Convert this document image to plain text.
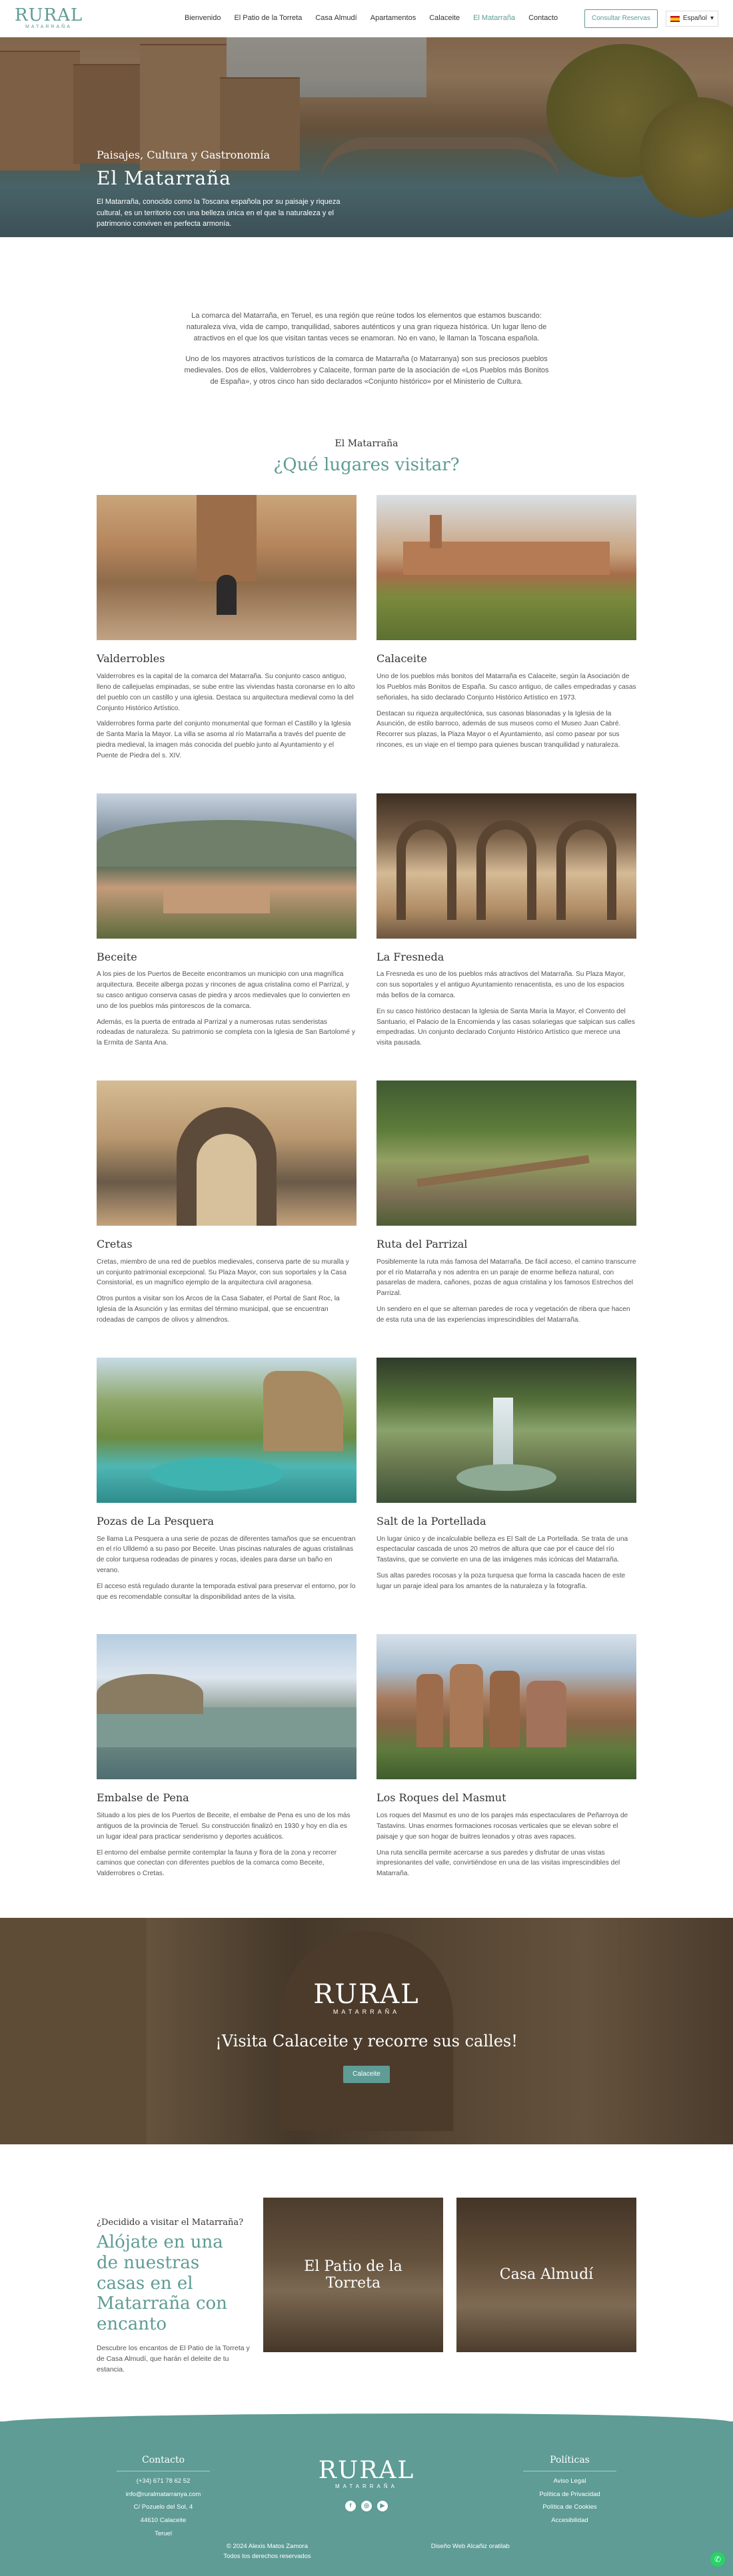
RURAL
MATARRAÑA
Bienvenido El Patio de la Torreta Casa Almudí Apartamentos Calaceite El Matarraña Contacto	Consultar Reservas	Español ▾
Paisajes, Cultura y Gastronomía
El Matarraña

El Matarraña, conocido como la Toscana española por su paisaje y riqueza cultural, es un territorio con una belleza única en el que la naturaleza y el patrimonio conviven en perfecta armonía.

La comarca del Matarraña, en Teruel, es una región que reúne todos los elementos que estamos buscando: naturaleza viva, vida de campo, tranquilidad, sabores auténticos y una gran riqueza histórica. Un lugar lleno de atractivos en el que los que visitan tantas veces se enamoran. No en vano, le llaman la Toscana española.

Uno de los mayores atractivos turísticos de la comarca de Matarraña (o Matarranya) son sus preciosos pueblos medievales. Dos de ellos, Valderrobres y Calaceite, forman parte de la asociación de «Los Pueblos más Bonitos de España», y otros cinco han sido declarados «Conjunto histórico» por el Ministerio de Cultura.

El Matarraña
¿Qué lugares visitar?
Valderrobles

Valderrobres es la capital de la comarca del Matarraña. Su conjunto casco antiguo, lleno de callejuelas empinadas, se sube entre las viviendas hasta coronarse en lo alto del pueblo con un castillo y una iglesia. Destaca su arquitectura medieval como la del Conjunto Histórico Artístico.

Valderrobres forma parte del conjunto monumental que forman el Castillo y la Iglesia de Santa María la Mayor. La villa se asoma al río Matarraña a través del puente de piedra medieval, la imagen más conocida del pueblo junto al Ayuntamiento y el Puente de Piedra del s. XIV.

Calaceite

Uno de los pueblos más bonitos del Matarraña es Calaceite, según la Asociación de los Pueblos más Bonitos de España. Su casco antiguo, de calles empedradas y casas señoriales, ha sido declarado Conjunto Histórico Artístico en 1973.

Destacan su riqueza arquitectónica, sus casonas blasonadas y la Iglesia de la Asunción, de estilo barroco, además de sus museos como el Museo Juan Cabré. Recorrer sus plazas, la Plaza Mayor o el Ayuntamiento, así como pasear por sus rincones, es un viaje en el tiempo para quienes buscan tranquilidad y naturaleza.

Beceite

A los pies de los Puertos de Beceite encontramos un municipio con una magnífica arquitectura. Beceite alberga pozas y rincones de agua cristalina como el Parrizal, y su casco antiguo conserva casas de piedra y arcos medievales que lo convierten en uno de los pueblos más pintorescos de la comarca.

Además, es la puerta de entrada al Parrizal y a numerosas rutas senderistas rodeadas de naturaleza. Su patrimonio se completa con la Iglesia de San Bartolomé y la Ermita de Santa Ana.

La Fresneda

La Fresneda es uno de los pueblos más atractivos del Matarraña. Su Plaza Mayor, con sus soportales y el antiguo Ayuntamiento renacentista, es uno de los espacios más bellos de la comarca.

En su casco histórico destacan la Iglesia de Santa María la Mayor, el Convento del Santuario, el Palacio de la Encomienda y las casas solariegas que salpican sus calles empedradas. Un conjunto declarado Conjunto Histórico Artístico que merece una visita pausada.

Cretas

Cretas, miembro de una red de pueblos medievales, conserva parte de su muralla y un conjunto patrimonial excepcional. Su Plaza Mayor, con sus soportales y la Casa Consistorial, es un magnífico ejemplo de la arquitectura civil aragonesa.

Otros puntos a visitar son los Arcos de la Casa Sabater, el Portal de Sant Roc, la Iglesia de la Asunción y las ermitas del término municipal, que se encuentran rodeadas de campos de olivos y almendros.

Ruta del Parrizal

Posiblemente la ruta más famosa del Matarraña. De fácil acceso, el camino transcurre por el río Matarraña y nos adentra en un paraje de enorme belleza natural, con pasarelas de madera, cañones, pozas de agua cristalina y los famosos Estrechos del Parrizal.

Un sendero en el que se alternan paredes de roca y vegetación de ribera que hacen de esta ruta una de las experiencias imprescindibles del Matarraña.

Pozas de La Pesquera

Se llama La Pesquera a una serie de pozas de diferentes tamaños que se encuentran en el río Ulldemó a su paso por Beceite. Unas piscinas naturales de aguas cristalinas de color turquesa rodeadas de pinares y rocas, ideales para darse un baño en verano.

El acceso está regulado durante la temporada estival para preservar el entorno, por lo que es recomendable consultar la disponibilidad antes de la visita.

Salt de la Portellada

Un lugar único y de incalculable belleza es El Salt de La Portellada. Se trata de una espectacular cascada de unos 20 metros de altura que cae por el cauce del río Tastavins, que se convierte en una de las imágenes más icónicas del Matarraña.

Sus altas paredes rocosas y la poza turquesa que forma la cascada hacen de este lugar un paraje ideal para los amantes de la naturaleza y la fotografía.

Embalse de Pena

Situado a los pies de los Puertos de Beceite, el embalse de Pena es uno de los más antiguos de la provincia de Teruel. Su construcción finalizó en 1930 y hoy en día es un lugar ideal para practicar senderismo y deportes acuáticos.

El entorno del embalse permite contemplar la fauna y flora de la zona y recorrer caminos que conectan con diferentes pueblos de la comarca como Beceite, Valderrobres o Cretas.

Los Roques del Masmut

Los roques del Masmut es uno de los parajes más espectaculares de Peñarroya de Tastavins. Unas enormes formaciones rocosas verticales que se elevan sobre el paisaje y que son hogar de buitres leonados y otras aves rapaces.

Una ruta sencilla permite acercarse a sus paredes y disfrutar de unas vistas impresionantes del valle, convirtiéndose en una de las visitas imprescindibles del Matarraña.

RURAL
MATARRAÑA
¡Visita Calaceite y recorre sus calles!
Calaceite
¿Decidido a visitar el Matarraña?
Alójate en una de nuestras casas en el Matarraña con encanto

Descubre los encantos de El Patio de la Torreta y de Casa Almudí, que harán el deleite de tu estancia.

El Patio de la Torreta
Casa Almudí
Contacto
(+34) 671 78 62 52
info@ruralmatarranya.com
C/ Pozuelo del Sol, 4
44610 Calaceite
Teruel
RURAL
MATARRAÑA
f	◎	▶
Políticas
Aviso Legal
Política de Privacidad
Política de Cookies
Accesibilidad
© 2024 Alexis Matos Zamora
Todos los derechos reservados
Diseño Web Alcañiz oratilab
✆
